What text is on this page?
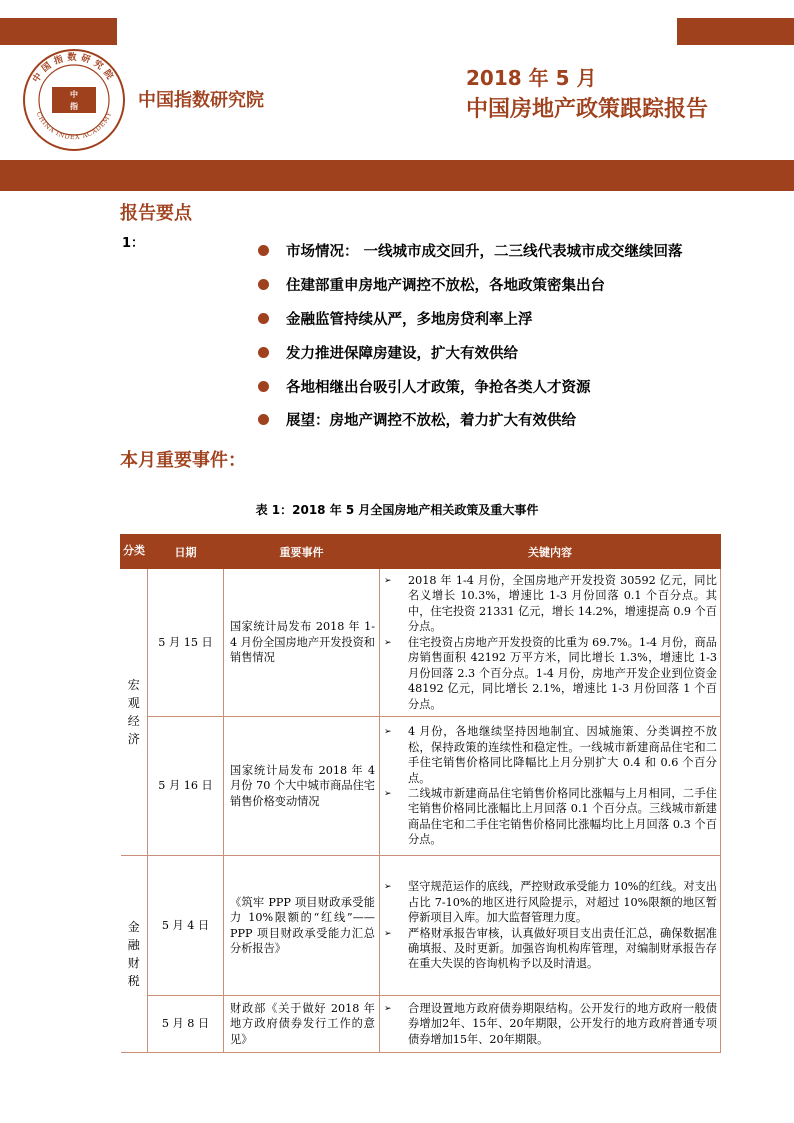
中国指数研究院
CHINA INDEX ACADEMY
中
指	中国指数研究院
2018 年 5 月
中国房地产政策跟踪报告
报告要点
1：
市场情况： 一线城市成交回升，二三线代表城市成交继续回落
住建部重申房地产调控不放松，各地政策密集出台
金融监管持续从严，多地房贷利率上浮
发力推进保障房建设，扩大有效供给
各地相继出台吸引人才政策，争抢各类人才资源
展望：房地产调控不放松，着力扩大有效供给
本月重要事件：
表 1：2018 年 5 月全国房地产相关政策及重大事件
分类	日期	重要事件	关键内容

宏观经济	5 月 15 日	国家统计局发布 2018 年 1-4 月份全国房地产开发投资和销售情况	➢ 2018 年 1-4 月份，全国房地产开发投资 30592 亿元，同比名义增长 10.3%，增速比 1-3 月份回落 0.1 个百分点。其中，住宅投资 21331 亿元，增长 14.2%，增速提高 0.9 个百分点。
➢ 住宅投资占房地产开发投资的比重为 69.7%。1-4 月份，商品房销售面积 42192 万平方米，同比增长 1.3%，增速比 1-3 月份回落 2.3 个百分点。1-4 月份，房地产开发企业到位资金 48192 亿元，同比增长 2.1%，增速比 1-3 月份回落 1 个百分点。

	5 月 16 日	国家统计局发布 2018 年 4 月份 70 个大中城市商品住宅销售价格变动情况	➢ 4 月份，各地继续坚持因地制宜、因城施策、分类调控不放松，保持政策的连续性和稳定性。一线城市新建商品住宅和二手住宅销售价格同比降幅比上月分别扩大 0.4 和 0.6 个百分点。
➢ 二线城市新建商品住宅销售价格同比涨幅与上月相同，二手住宅销售价格同比涨幅比上月回落 0.1 个百分点。三线城市新建商品住宅和二手住宅销售价格同比涨幅均比上月回落 0.3 个百分点。

金融财税	5 月 4 日	《筑牢 PPP 项目财政承受能力 10%限额的“红线”——PPP 项目财政承受能力汇总分析报告》	➢ 坚守规范运作的底线，严控财政承受能力 10%的红线。对支出占比 7-10%的地区进行风险提示，对超过 10%限额的地区暂停新项目入库。加大监督管理力度。
➢ 严格财承报告审核，认真做好项目支出责任汇总，确保数据准确填报、及时更新。加强咨询机构库管理，对编制财承报告存在重大失误的咨询机构予以及时清退。

	5 月 8 日	财政部《关于做好 2018 年地方政府债券发行工作的意见》	➢ 合理设置地方政府债券期限结构。公开发行的地方政府一般债券增加2年、15年、20年期限，公开发行的地方政府普通专项债券增加15年、20年期限。
